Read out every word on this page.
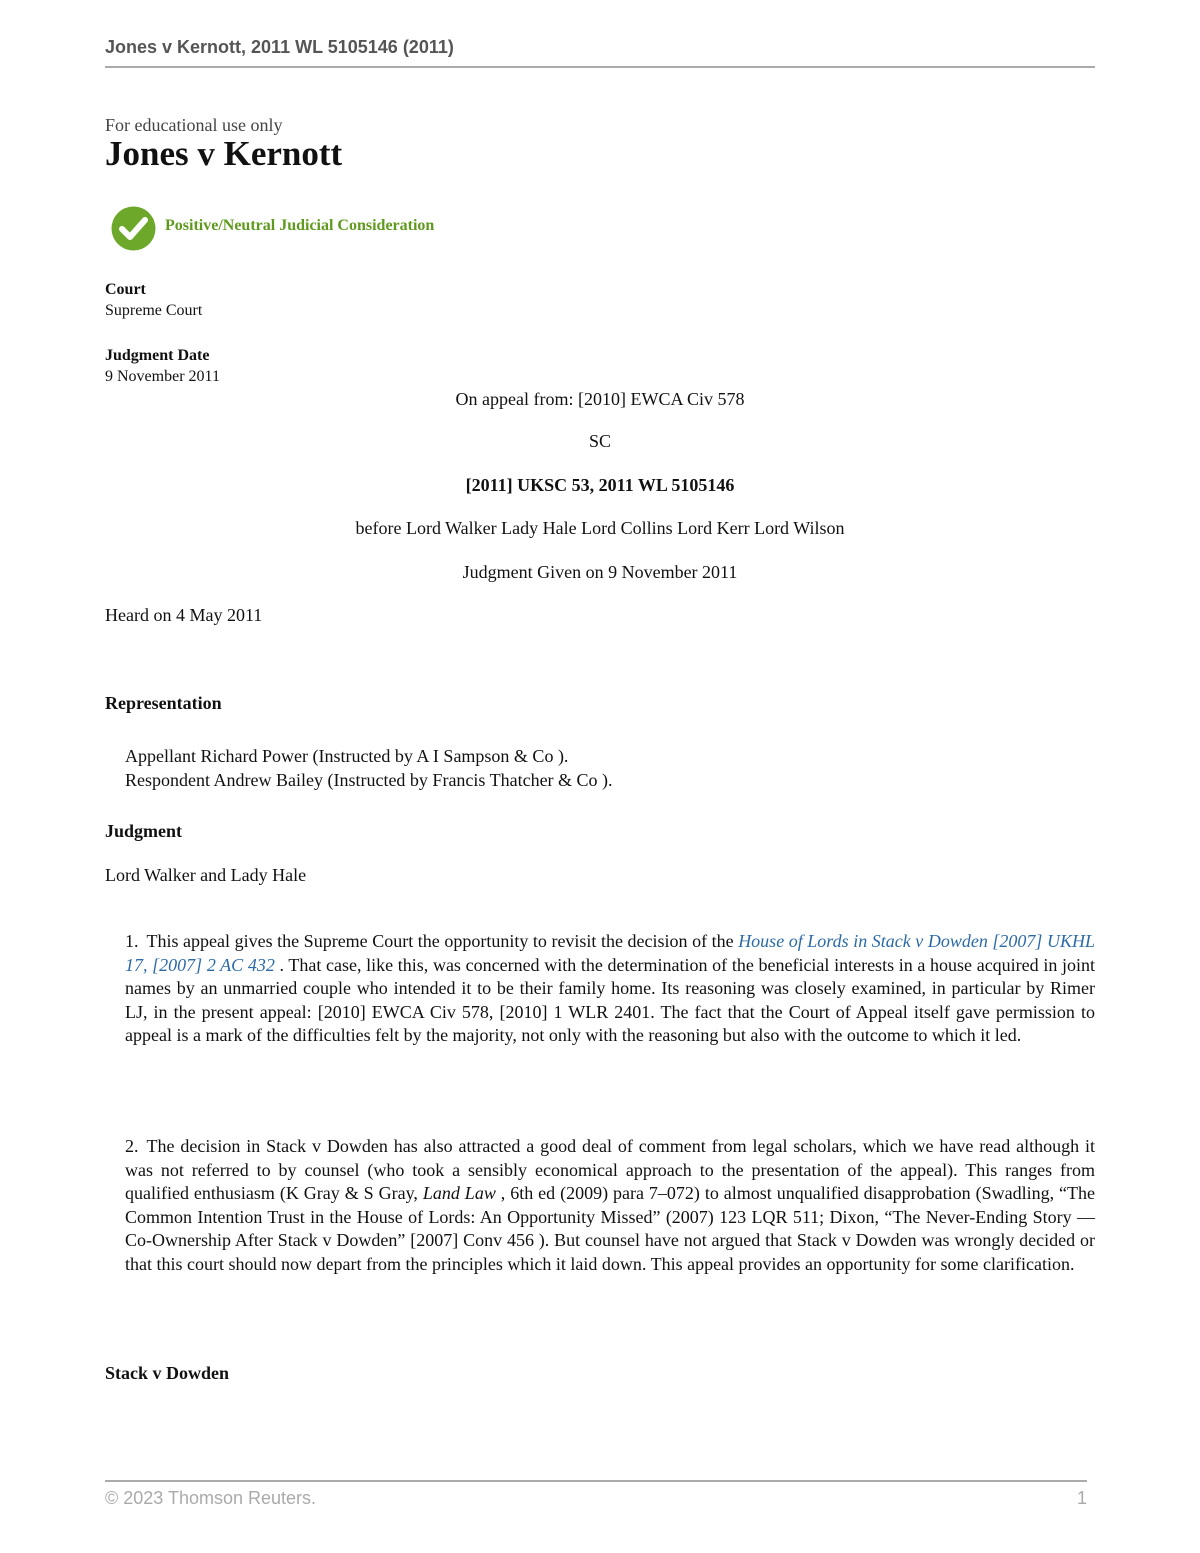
Jones v Kernott, 2011 WL 5105146 (2011)
For educational use only
Jones v Kernott
Positive/Neutral Judicial Consideration
Court
Supreme Court
Judgment Date
9 November 2011
On appeal from: [2010] EWCA Civ 578
SC
[2011] UKSC 53, 2011 WL 5105146
before Lord Walker Lady Hale Lord Collins Lord Kerr Lord Wilson
Judgment Given on 9 November 2011
Heard on 4 May 2011
Representation
Appellant Richard Power (Instructed by A I Sampson & Co ).
Respondent Andrew Bailey (Instructed by Francis Thatcher & Co ).
Judgment
Lord Walker and Lady Hale

1. This appeal gives the Supreme Court the opportunity to revisit the decision of the House of Lords in Stack v Dowden [2007] UKHL 17, [2007] 2 AC 432 . That case, like this, was concerned with the determination of the beneficial interests in a house acquired in joint names by an unmarried couple who intended it to be their family home. Its reasoning was closely examined, in particular by Rimer LJ, in the present appeal: [2010] EWCA Civ 578, [2010] 1 WLR 2401. The fact that the Court of Appeal itself gave permission to appeal is a mark of the difficulties felt by the majority, not only with the reasoning but also with the outcome to which it led.

2. The decision in Stack v Dowden has also attracted a good deal of comment from legal scholars, which we have read although it was not referred to by counsel (who took a sensibly economical approach to the presentation of the appeal). This ranges from qualified enthusiasm (K Gray & S Gray, Land Law , 6th ed (2009) para 7–072) to almost unqualified disapprobation (Swadling, “The Common Intention Trust in the House of Lords: An Opportunity Missed” (2007) 123 LQR 511; Dixon, “The Never-Ending Story — Co-Ownership After Stack v Dowden” [2007] Conv 456 ). But counsel have not argued that Stack v Dowden was wrongly decided or that this court should now depart from the principles which it laid down. This appeal provides an opportunity for some clarification.

Stack v Dowden
© 2023 Thomson Reuters.	1
